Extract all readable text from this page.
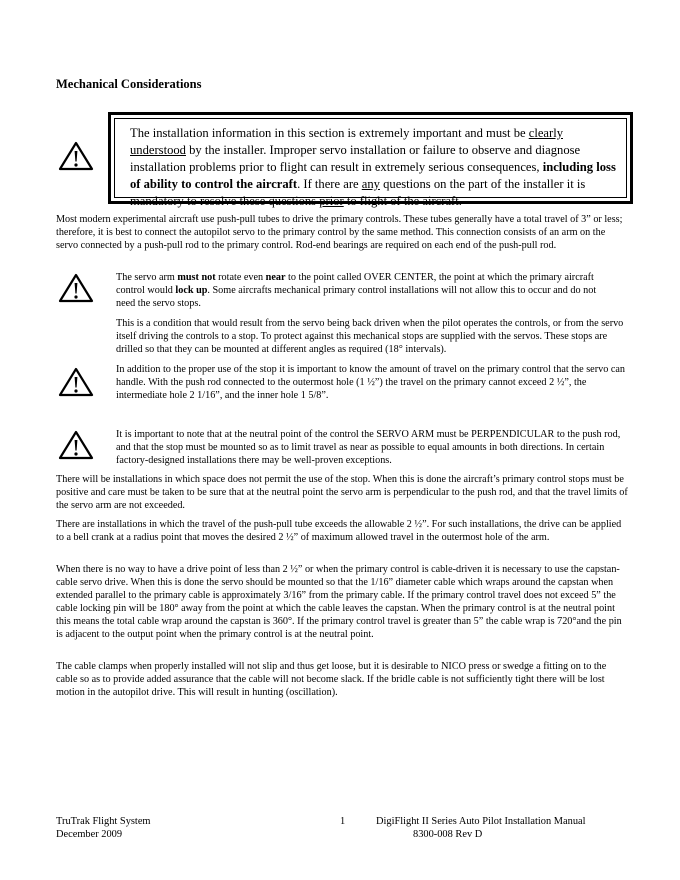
Mechanical Considerations
The installation information in this section is extremely important and must be clearly understood by the installer. Improper servo installation or failure to observe and diagnose installation problems prior to flight can result in extremely serious consequences, including loss of ability to control the aircraft. If there are any questions on the part of the installer it is mandatory to resolve these questions prior to flight of the aircraft.
Most modern experimental aircraft use push-pull tubes to drive the primary controls. These tubes generally have a total travel of 3” or less; therefore, it is best to connect the autopilot servo to the primary control by the same method. This connection consists of an arm on the servo connected by a push-pull rod to the primary control. Rod-end bearings are required on each end of the push-pull rod.
The servo arm must not rotate even near to the point called OVER CENTER, the point at which the primary aircraft control would lock up. Some aircrafts mechanical primary control installations will not allow this to occur and do not need the servo stops.
This is a condition that would result from the servo being back driven when the pilot operates the controls, or from the servo itself driving the controls to a stop. To protect against this mechanical stops are supplied with the servos. These stops are drilled so that they can be mounted at different angles as required (18° intervals).
In addition to the proper use of the stop it is important to know the amount of travel on the primary control that the servo can handle. With the push rod connected to the outermost hole (1 ½”) the travel on the primary cannot exceed 2 ½”, the intermediate hole 2 1/16”, and the inner hole 1 5/8”.
It is important to note that at the neutral point of the control the SERVO ARM must be PERPENDICULAR to the push rod, and that the stop must be mounted so as to limit travel as near as possible to equal amounts in both directions. In certain factory-designed installations there may be well-proven exceptions.
There will be installations in which space does not permit the use of the stop. When this is done the aircraft’s primary control stops must be positive and care must be taken to be sure that at the neutral point the servo arm is perpendicular to the push rod, and that the travel limits of the servo arm are not exceeded.
There are installations in which the travel of the push-pull tube exceeds the allowable 2 ½”. For such installations, the drive can be applied to a bell crank at a radius point that moves the desired 2 ½” of maximum allowed travel in the outermost hole of the arm.
When there is no way to have a drive point of less than 2 ½” or when the primary control is cable-driven it is necessary to use the capstan-cable servo drive. When this is done the servo should be mounted so that the 1/16” diameter cable which wraps around the capstan when extended parallel to the primary cable is approximately 3/16” from the primary cable. If the primary control travel does not exceed 5” the cable locking pin will be 180° away from the point at which the cable leaves the capstan. When the primary control is at the neutral point this means the total cable wrap around the capstan is 360°. If the primary control travel is greater than 5” the cable wrap is 720°and the pin is adjacent to the output point when the primary control is at the neutral point.
The cable clamps when properly installed will not slip and thus get loose, but it is desirable to NICO press or swedge a fitting on to the cable so as to provide added assurance that the cable will not become slack. If the bridle cable is not sufficiently tight there will be lost motion in the autopilot drive. This will result in hunting (oscillation).
TruTrak Flight System
December 2009
1	DigiFlight II Series Auto Pilot Installation Manual
8300-008 Rev D
